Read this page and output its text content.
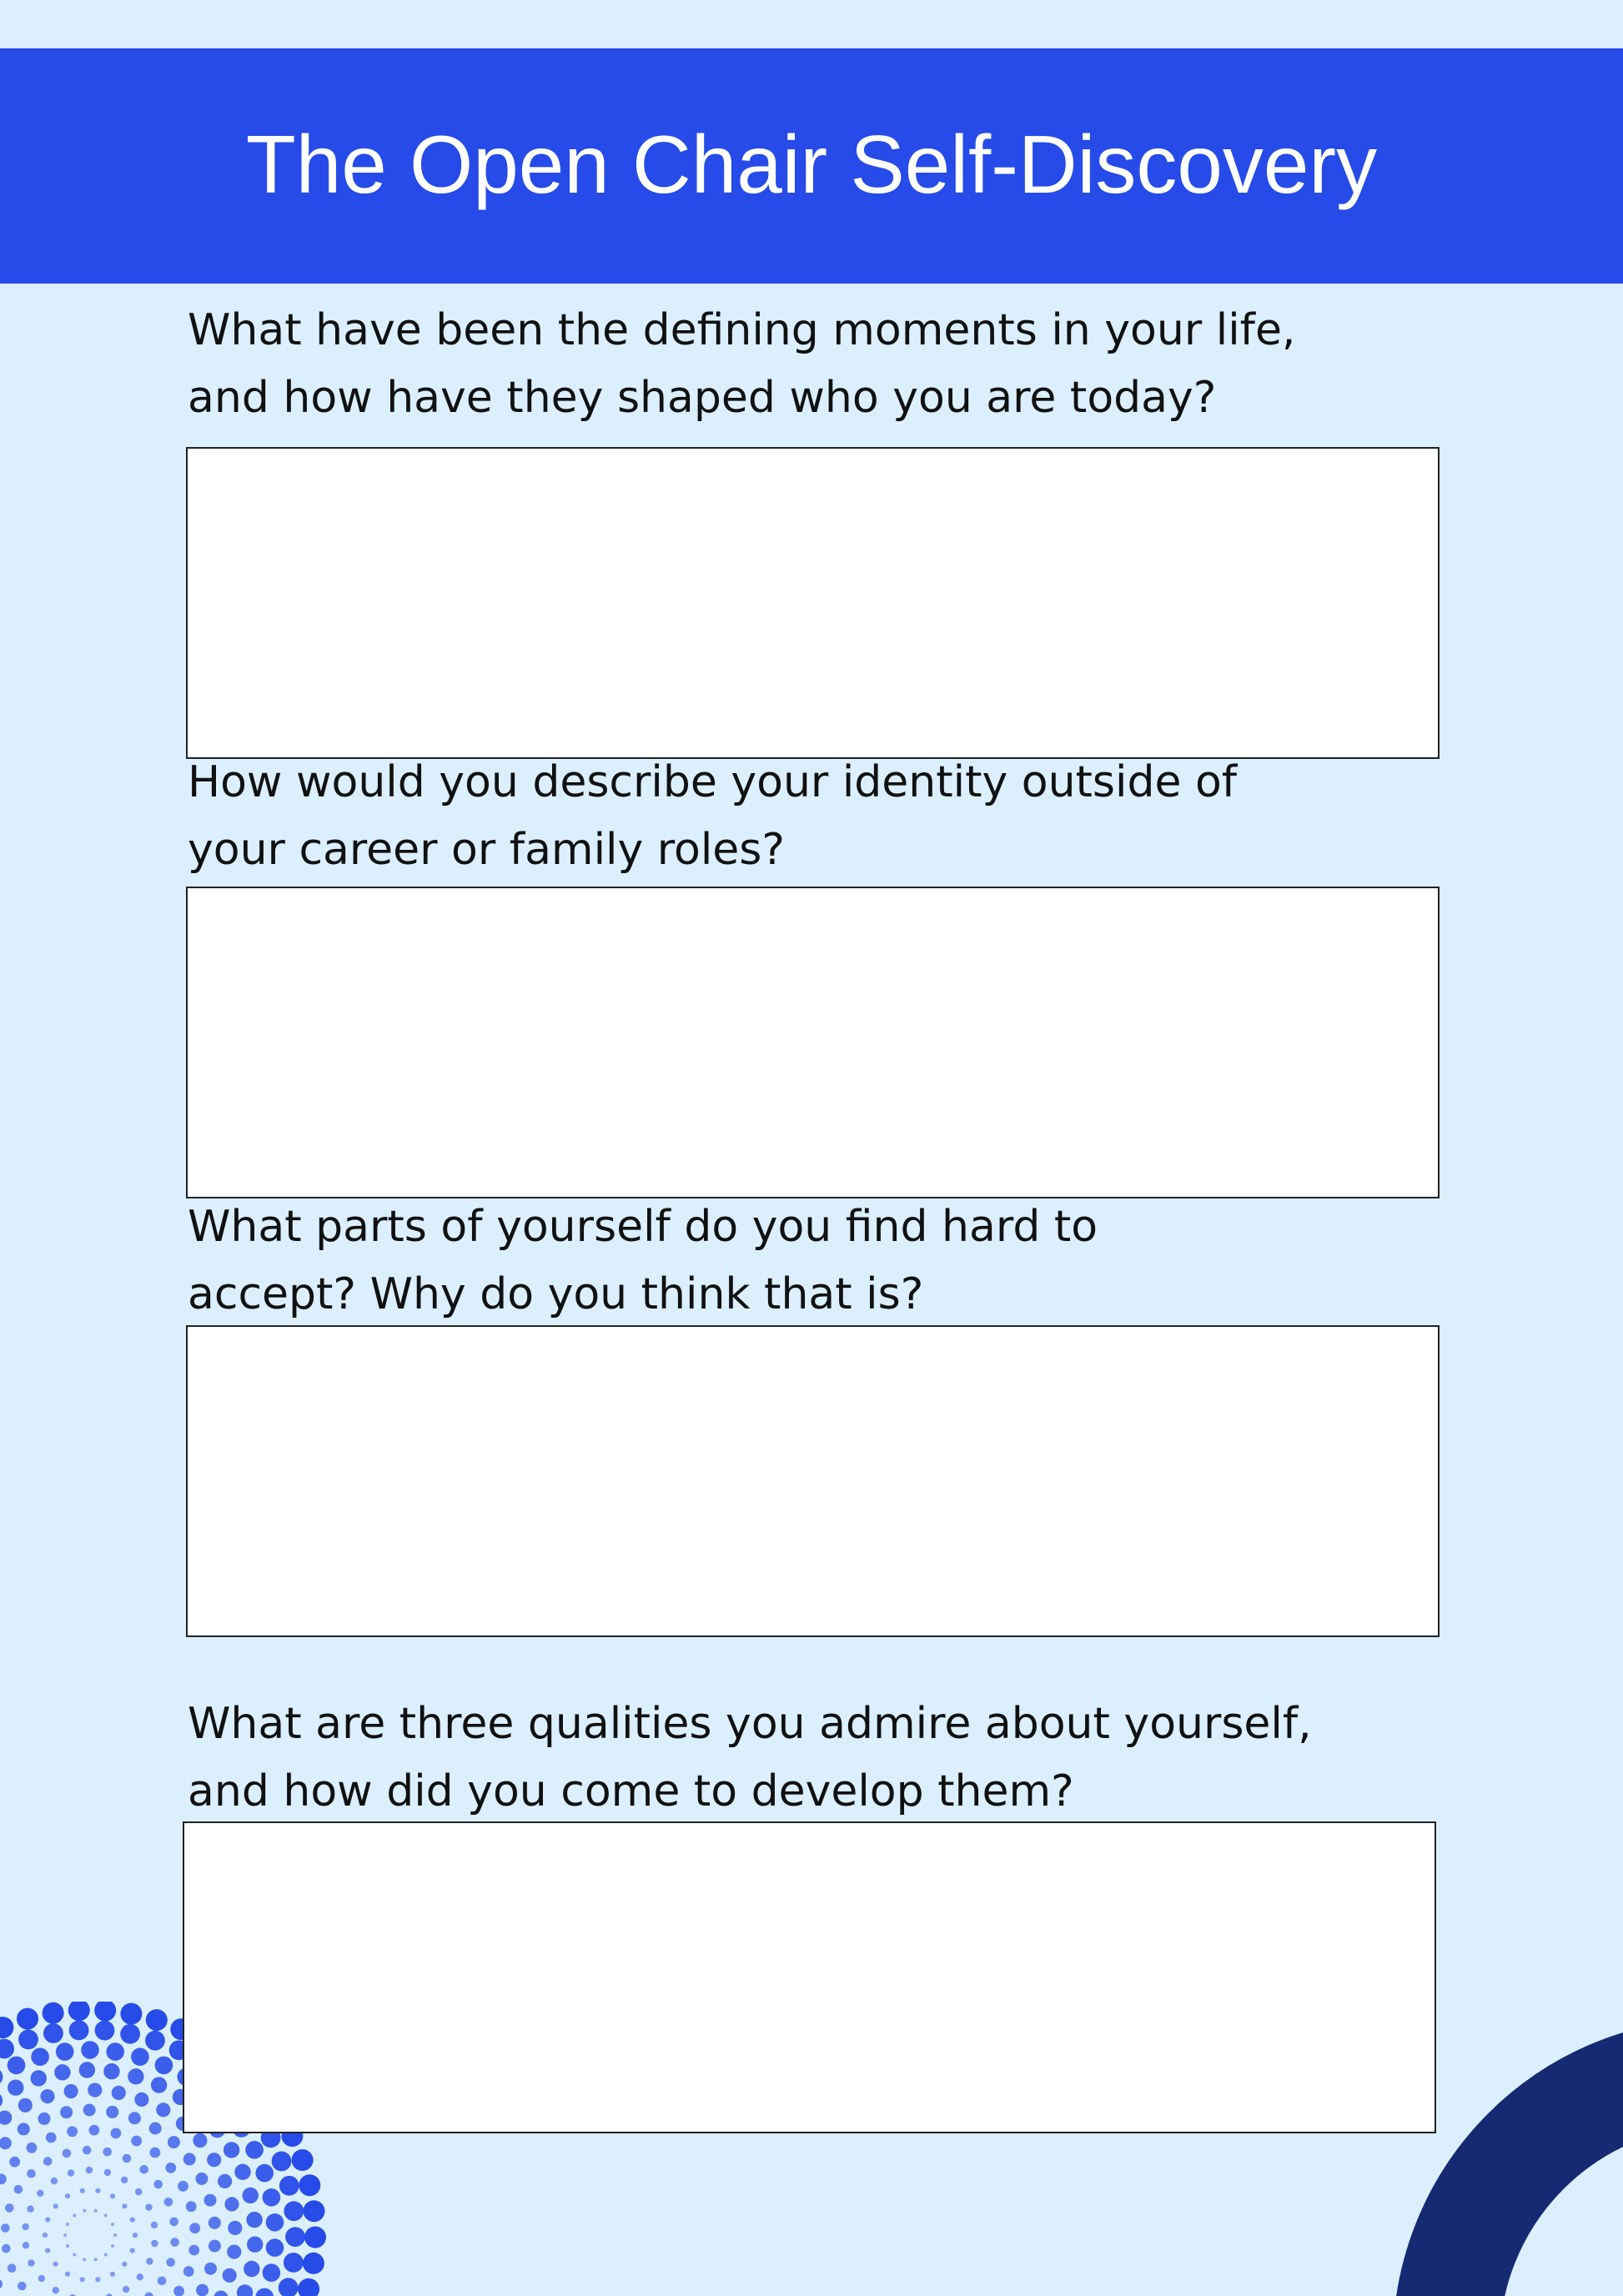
The Open Chair Self-Discovery
What have been the defining moments in your life,
and how have they shaped who you are today?
How would you describe your identity outside of
your career or family roles?
What parts of yourself do you find hard to
accept? Why do you think that is?
What are three qualities you admire about yourself,
and how did you come to develop them?
